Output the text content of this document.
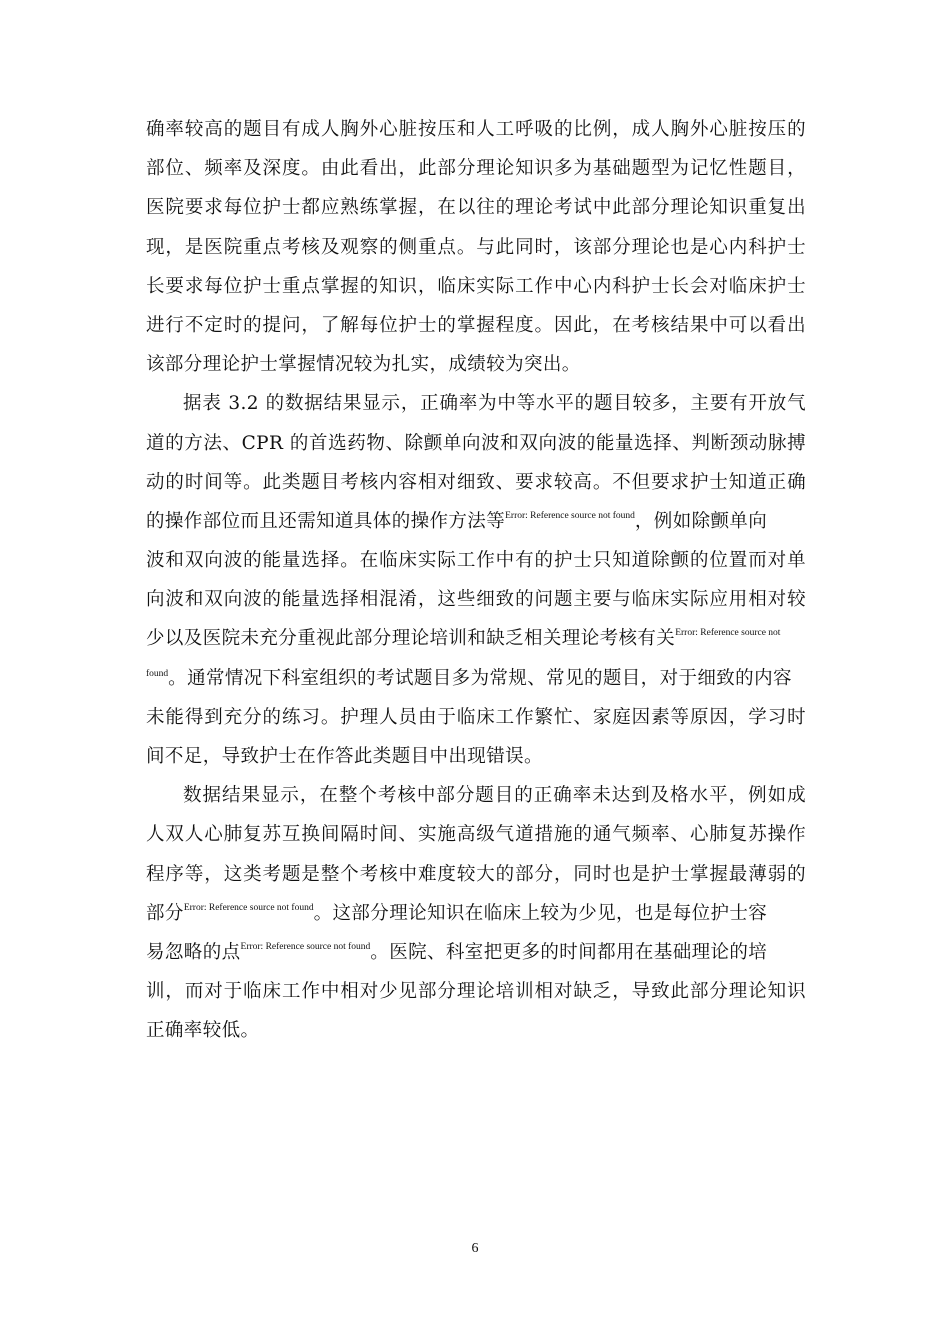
确率较高的题目有成人胸外心脏按压和人工呼吸的比例，成人胸外心脏按压的
部位、频率及深度。由此看出，此部分理论知识多为基础题型为记忆性题目，
医院要求每位护士都应熟练掌握，在以往的理论考试中此部分理论知识重复出
现，是医院重点考核及观察的侧重点。与此同时，该部分理论也是心内科护士
长要求每位护士重点掌握的知识，临床实际工作中心内科护士长会对临床护士
进行不定时的提问，了解每位护士的掌握程度。因此，在考核结果中可以看出
该部分理论护士掌握情况较为扎实，成绩较为突出。
据表 3.2 的数据结果显示，正确率为中等水平的题目较多，主要有开放气
道的方法、CPR 的首选药物、除颤单向波和双向波的能量选择、判断颈动脉搏
动的时间等。此类题目考核内容相对细致、要求较高。不但要求护士知道正确
的操作部位而且还需知道具体的操作方法等$^{Error: Reference source not found}$，例如除颤单向
波和双向波的能量选择。在临床实际工作中有的护士只知道除颤的位置而对单
向波和双向波的能量选择相混淆，这些细致的问题主要与临床实际应用相对较
少以及医院未充分重视此部分理论培训和缺乏相关理论考核有关$^{Error: Reference source not}$
$^{found}$。通常情况下科室组织的考试题目多为常规、常见的题目，对于细致的内容
未能得到充分的练习。护理人员由于临床工作繁忙、家庭因素等原因，学习时
间不足，导致护士在作答此类题目中出现错误。
数据结果显示，在整个考核中部分题目的正确率未达到及格水平，例如成
人双人心肺复苏互换间隔时间、实施高级气道措施的通气频率、心肺复苏操作
程序等，这类考题是整个考核中难度较大的部分，同时也是护士掌握最薄弱的
部分$^{Error: Reference source not found}$。这部分理论知识在临床上较为少见，也是每位护士容
易忽略的点$^{Error: Reference source not found}$。医院、科室把更多的时间都用在基础理论的培
训，而对于临床工作中相对少见部分理论培训相对缺乏，导致此部分理论知识
正确率较低。
6
